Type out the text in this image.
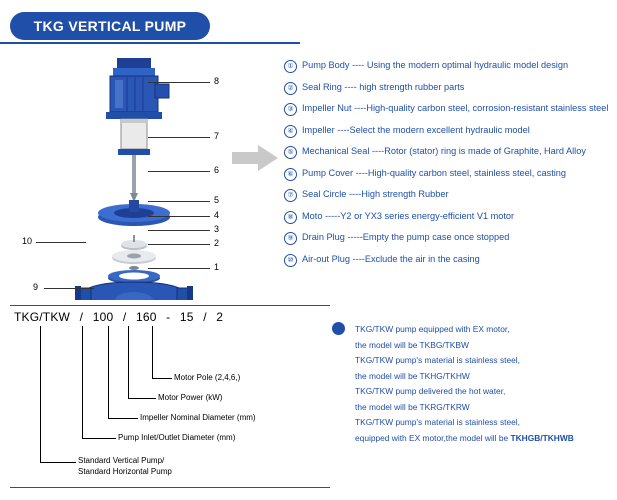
TKG VERTICAL PUMP
8
7
6
5
4
3
2
1
10
9
① Pump Body ---- Using the modern optimal hydraulic model design
② Seal Ring ---- high strength rubber parts
③ Impeller Nut ----High-quality carbon steel, corrosion-resistant stainless steel
④ Impeller ----Select the modern excellent hydraulic model
⑤ Mechanical Seal ----Rotor (stator) ring is made of Graphite, Hard Alloy
⑥ Pump Cover ----High-quality carbon steel, stainless steel, casting
⑦ Seal Circle ----High strength Rubber
⑧ Moto -----Y2 or YX3 series energy-efficient V1 motor
⑨ Drain Plug -----Empty the pump case once stopped
⑩ Air-out Plug ----Exclude the air in the casing
TKG/TKW / 100 / 160 - 15 / 2
Motor Pole (2,4,6,)
Motor Power (kW)
Impeller Nominal Diameter (mm)
Pump Inlet/Outlet Diameter (mm)
Standard Vertical Pump/
Standard Horizontal Pump
TKG/TKW pump equipped with EX motor,
the model will be TKBG/TKBW
TKG/TKW pump's material is stainless steel,
the model will be TKHG/TKHW
TKG/TKW pump delivered the hot water,
the model will be TKRG/TKRW
TKG/TKW pump's material is stainless steel,
equipped with EX motor,the model will be TKHGB/TKHWB
